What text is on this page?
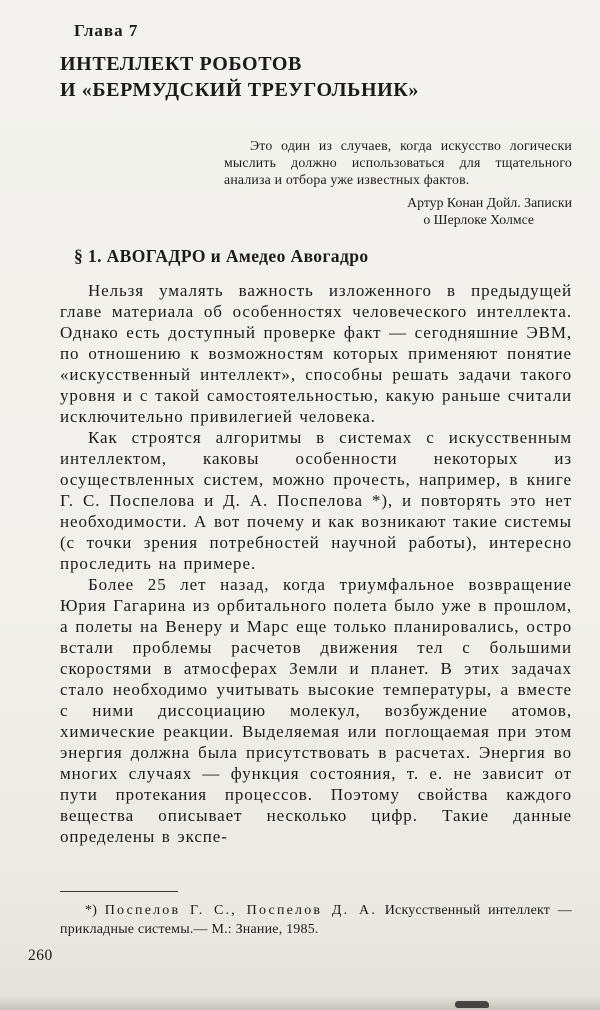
Глава 7
ИНТЕЛЛЕКТ РОБОТОВ
И «БЕРМУДСКИЙ ТРЕУГОЛЬНИК»

Это один из случаев, когда искусство логически мыслить должно использоваться для тщательного анализа и отбора уже известных фактов.

Артур Конан Дойл. Записки
о Шерлоке Холмсе
§ 1. АВОГАДРО и Амедео Авогадро

Нельзя умалять важность изложенного в предыдущей главе материала об особенностях человеческого интеллекта. Однако есть доступный проверке факт — сегодняшние ЭВМ, по отношению к возможностям которых применяют понятие «искусственный интеллект», способны решать задачи такого уровня и с такой самостоятельностью, какую раньше считали исключительно привилегией человека.

Как строятся алгоритмы в системах с искусственным интеллектом, каковы особенности некоторых из осуществленных систем, можно прочесть, например, в книге Г. С. Поспелова и Д. А. Поспелова *), и повторять это нет необходимости. А вот почему и как возникают такие системы (с точки зрения потребностей научной работы), интересно проследить на примере.

Более 25 лет назад, когда триумфальное возвращение Юрия Гагарина из орбитального полета было уже в прошлом, а полеты на Венеру и Марс еще только планировались, остро встали проблемы расчетов движения тел с большими скоростями в атмосферах Земли и планет. В этих задачах стало необходимо учитывать высокие температуры, а вместе с ними диссоциацию молекул, возбуждение атомов, химические реакции. Выделяемая или поглощаемая при этом энергия должна была присутствовать в расчетах. Энергия во многих случаях — функция состояния, т. е. не зависит от пути протекания процессов. Поэтому свойства каждого вещества описывает несколько цифр. Такие данные определены в экспе-

*) Поспелов Г. С., Поспелов Д. А. Искусственный интеллект — прикладные системы.— М.: Знание, 1985.

260
